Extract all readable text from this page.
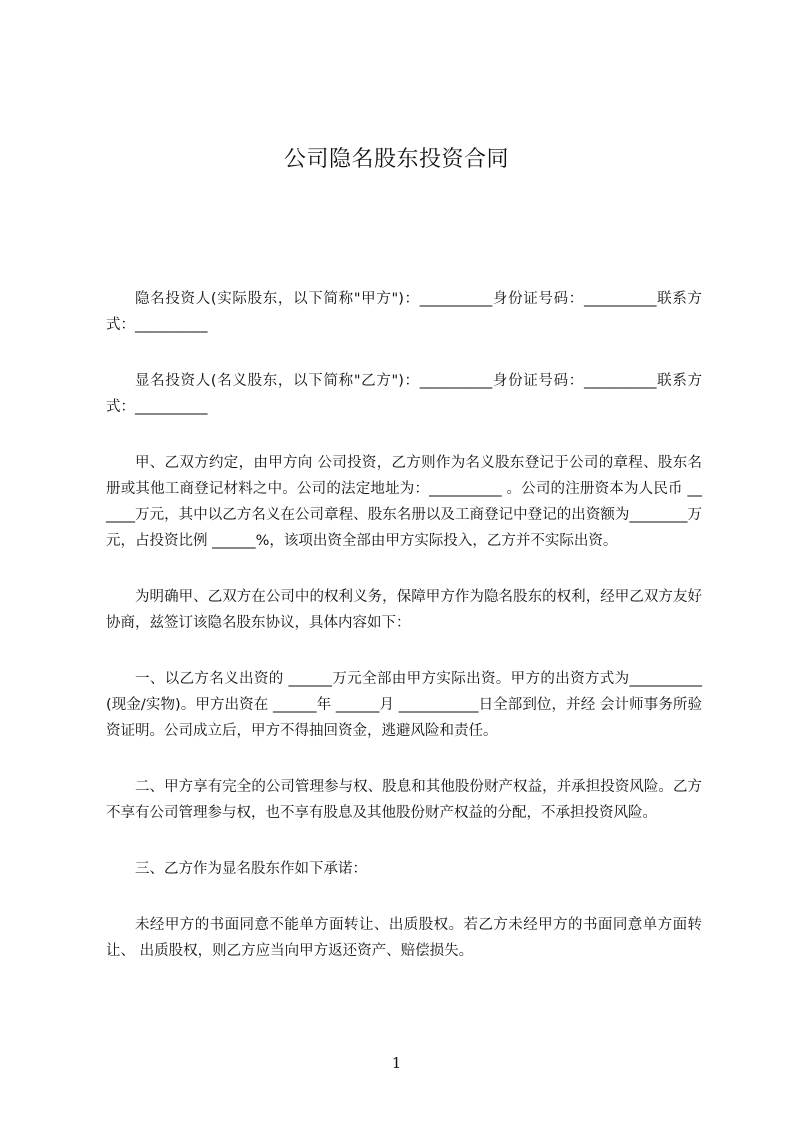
公司隐名股东投资合同

隐名投资人(实际股东，以下简称"甲方")：__________身份证号码：__________联系方式：__________

显名投资人(名义股东，以下简称"乙方")：__________身份证号码：__________联系方式：__________

甲、乙双方约定，由甲方向 公司投资，乙方则作为名义股东登记于公司的章程、股东名册或其他工商登记材料之中。公司的法定地址为：__________ 。公司的注册资本为人民币 ______万元，其中以乙方名义在公司章程、股东名册以及工商登记中登记的出资额为________万元，占投资比例 ______%，该项出资全部由甲方实际投入，乙方并不实际出资。

为明确甲、乙双方在公司中的权利义务，保障甲方作为隐名股东的权利，经甲乙双方友好协商，兹签订该隐名股东协议，具体内容如下：

一、以乙方名义出资的 ______万元全部由甲方实际出资。甲方的出资方式为__________(现金/实物)。甲方出资在 ______年 ______月 ___________日全部到位，并经 会计师事务所验资证明。公司成立后，甲方不得抽回资金，逃避风险和责任。

二、甲方享有完全的公司管理参与权、股息和其他股份财产权益，并承担投资风险。乙方不享有公司管理参与权，也不享有股息及其他股份财产权益的分配，不承担投资风险。

三、乙方作为显名股东作如下承诺：

未经甲方的书面同意不能单方面转让、出质股权。若乙方未经甲方的书面同意单方面转让、 出质股权，则乙方应当向甲方返还资产、赔偿损失。

1
